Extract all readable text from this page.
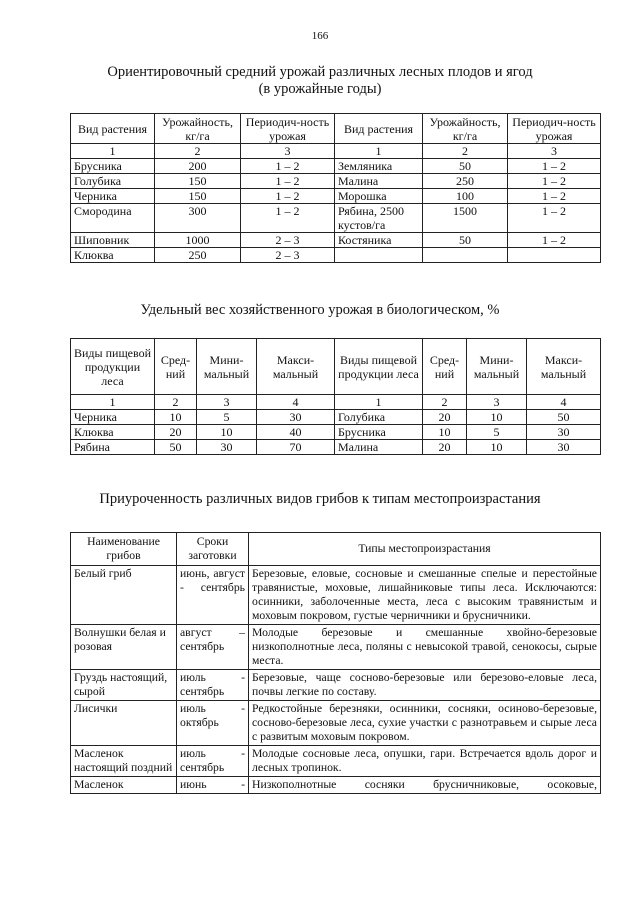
166
Ориентировочный средний урожай различных лесных плодов и ягод
(в урожайные годы)
Вид растения	Урожайность, кг/га	Периодич-ность урожая	Вид растения	Урожайность, кг/га	Периодич-ность урожая
1	2	3	1	2	3
Брусника	200	1 – 2	Земляника	50	1 – 2
Голубика	150	1 – 2	Малина	250	1 – 2
Черника	150	1 – 2	Морошка	100	1 – 2
Смородина	300	1 – 2	Рябина, 2500 кустов/га	1500	1 – 2
Шиповник	1000	2 – 3	Костяника	50	1 – 2
Клюква	250	2 – 3			
Удельный вес хозяйственного урожая в биологическом, %
Виды пищевой продукции леса	Сред-ний	Мини-мальный	Макси-мальный	Виды пищевой продукции леса	Сред-ний	Мини-мальный	Макси-мальный
1	2	3	4	1	2	3	4
Черника	10	5	30	Голубика	20	10	50
Клюква	20	10	40	Брусника	10	5	30
Рябина	50	30	70	Малина	20	10	30
Приуроченность различных видов грибов к типам местопроизрастания
Наименование грибов	Сроки заготовки	Типы местопроизрастания
Белый гриб	июнь, август - сентябрь	Березовые, еловые, сосновые и смешанные спелые и перестойные травянистые, моховые, лишайниковые типы леса. Исключаются: осинники, заболоченные места, леса с высоким травянистым и моховым покровом, густые черничники и брусничники.
Волнушки белая и розовая	август – сентябрь	Молодые березовые и смешанные хвойно-березовые низкополнотные леса, поляны с невысокой травой, сенокосы, сырые места.
Груздь настоящий, сырой	июль - сентябрь	Березовые, чаще сосново-березовые или березово-еловые леса, почвы легкие по составу.
Лисички	июль - октябрь	Редкостойные березняки, осинники, сосняки, осиново-березовые, сосново-березовые леса, сухие участки с разнотравьем и сырые леса с развитым моховым покровом.
Масленок настоящий поздний	июль - сентябрь	Молодые сосновые леса, опушки, гари. Встречается вдоль дорог и лесных тропинок.
Масленок	июнь -	Низкополнотные сосняки брусничниковые, осоковые,
